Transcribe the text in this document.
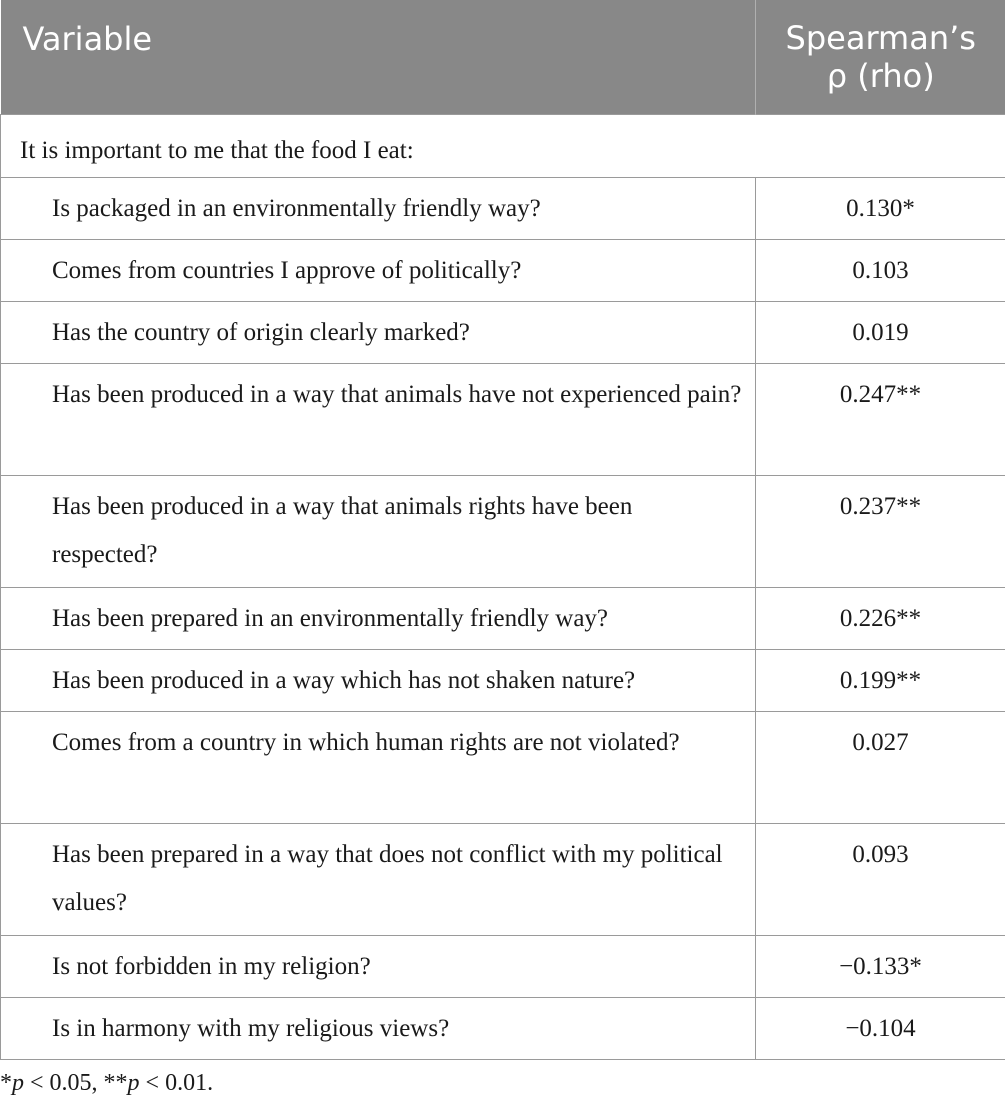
Variable	Spearman’s
ρ (rho)

It is important to me that the food I eat:	
Is packaged in an environmentally friendly way?	0.130*
Comes from countries I approve of politically?	0.103
Has the country of origin clearly marked?	0.019
Has been produced in a way that animals have not experienced pain?	0.247**
Has been produced in a way that animals rights have been respected?	0.237**
Has been prepared in an environmentally friendly way?	0.226**
Has been produced in a way which has not shaken nature?	0.199**
Comes from a country in which human rights are not violated?	0.027
Has been prepared in a way that does not conflict with my political values?	0.093
Is not forbidden in my religion?	−0.133*
Is in harmony with my religious views?	−0.104
*p < 0.05, **p < 0.01.
